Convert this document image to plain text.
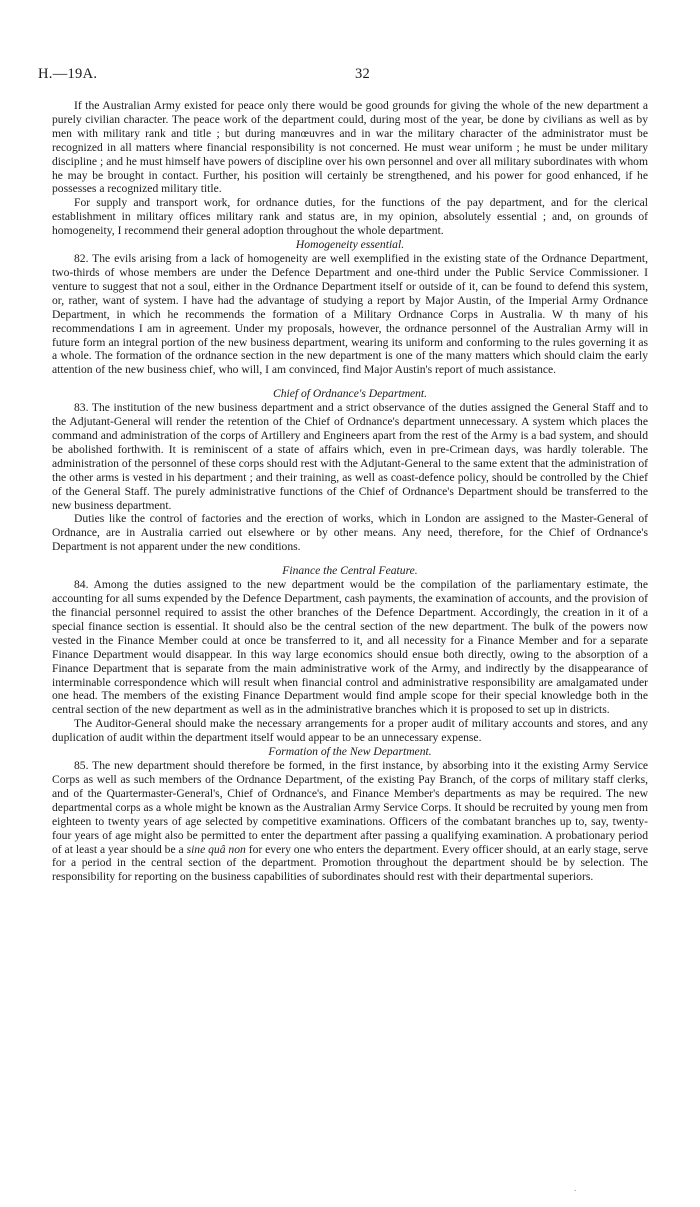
H.—19A.	32

If the Australian Army existed for peace only there would be good grounds for giving the whole of the new department a purely civilian character. The peace work of the department could, during most of the year, be done by civilians as well as by men with military rank and title ; but during manœuvres and in war the military character of the administrator must be recognized in all matters where financial responsibility is not concerned. He must wear uniform ; he must be under military discipline ; and he must himself have powers of discipline over his own personnel and over all military subordinates with whom he may be brought in contact. Further, his position will certainly be strengthened, and his power for good enhanced, if he possesses a recognized military title.

For supply and transport work, for ordnance duties, for the functions of the pay department, and for the clerical establishment in military offices military rank and status are, in my opinion, absolutely essential ; and, on grounds of homogeneity, I recommend their general adoption throughout the whole department.

Homogeneity essential.

82. The evils arising from a lack of homogeneity are well exemplified in the existing state of the Ordnance Department, two-thirds of whose members are under the Defence Department and one-third under the Public Service Commissioner. I venture to suggest that not a soul, either in the Ordnance Department itself or outside of it, can be found to defend this system, or, rather, want of system. I have had the advantage of studying a report by Major Austin, of the Imperial Army Ordnance Department, in which he recommends the formation of a Military Ordnance Corps in Australia. W th many of his recommendations I am in agreement. Under my proposals, however, the ordnance personnel of the Australian Army will in future form an integral portion of the new business department, wearing its uniform and conforming to the rules governing it as a whole. The formation of the ordnance section in the new department is one of the many matters which should claim the early attention of the new business chief, who will, I am convinced, find Major Austin's report of much assistance.

Chief of Ordnance's Department.

83. The institution of the new business department and a strict observance of the duties assigned the General Staff and to the Adjutant-General will render the retention of the Chief of Ordnance's department unnecessary. A system which places the command and administration of the corps of Artillery and Engineers apart from the rest of the Army is a bad system, and should be abolished forthwith. It is reminiscent of a state of affairs which, even in pre-Crimean days, was hardly tolerable. The administration of the personnel of these corps should rest with the Adjutant-General to the same extent that the administration of the other arms is vested in his department ; and their training, as well as coast-defence policy, should be controlled by the Chief of the General Staff. The purely administrative functions of the Chief of Ordnance's Department should be transferred to the new business department.

Duties like the control of factories and the erection of works, which in London are assigned to the Master-General of Ordnance, are in Australia carried out elsewhere or by other means. Any need, therefore, for the Chief of Ordnance's Department is not apparent under the new conditions.

Finance the Central Feature.

84. Among the duties assigned to the new department would be the compilation of the parliamentary estimate, the accounting for all sums expended by the Defence Department, cash payments, the examination of accounts, and the provision of the financial personnel required to assist the other branches of the Defence Department. Accordingly, the creation in it of a special finance section is essential. It should also be the central section of the new department. The bulk of the powers now vested in the Finance Member could at once be transferred to it, and all necessity for a Finance Member and for a separate Finance Department would disappear. In this way large economics should ensue both directly, owing to the absorption of a Finance Department that is separate from the main administrative work of the Army, and indirectly by the disappearance of interminable correspondence which will result when financial control and administrative responsibility are amalgamated under one head. The members of the existing Finance Department would find ample scope for their special knowledge both in the central section of the new department as well as in the administrative branches which it is proposed to set up in districts.

The Auditor-General should make the necessary arrangements for a proper audit of military accounts and stores, and any duplication of audit within the department itself would appear to be an unnecessary expense.

Formation of the New Department.

85. The new department should therefore be formed, in the first instance, by absorbing into it the existing Army Service Corps as well as such members of the Ordnance Department, of the existing Pay Branch, of the corps of military staff clerks, and of the Quartermaster-General's, Chief of Ordnance's, and Finance Member's departments as may be required. The new departmental corps as a whole might be known as the Australian Army Service Corps. It should be recruited by young men from eighteen to twenty years of age selected by competitive examinations. Officers of the combatant branches up to, say, twenty-four years of age might also be permitted to enter the department after passing a qualifying examination. A probationary period of at least a year should be a sine quâ non for every one who enters the department. Every officer should, at an early stage, serve for a period in the central section of the department. Promotion throughout the department should be by selection. The responsibility for reporting on the business capabilities of subordinates should rest with their departmental superiors.

.
